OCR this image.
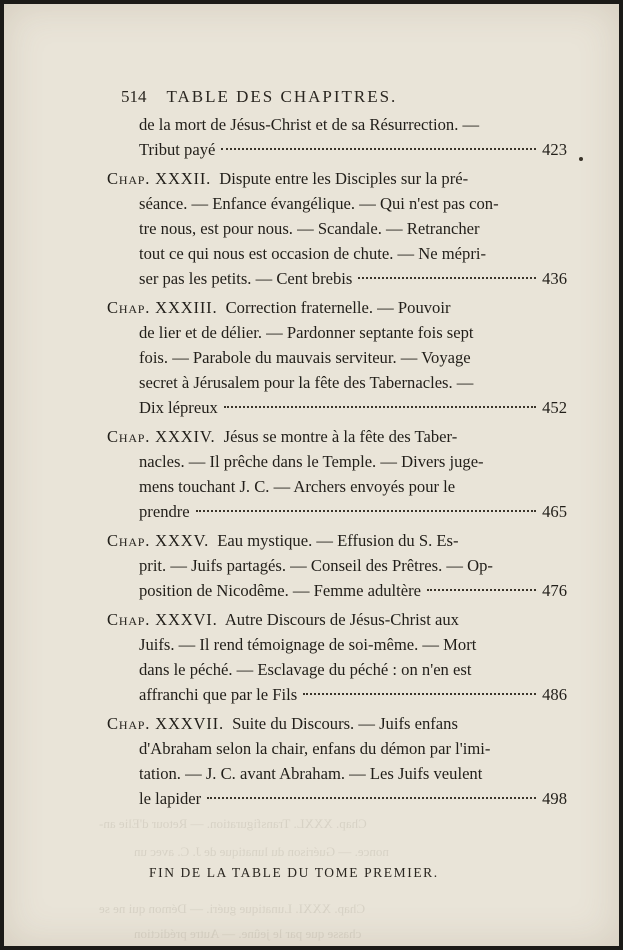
Chap. XXXL. Transfiguration. — Retour d'Elie an-
nonce. — Guérison du lunatique de J. C. avec un
Chap. XXXI. Lunatique guéri. — Démon qui ne se
chasse que par le jeûne. — Autre prédiction
514 TABLE DES CHAPITRES.
de la mort de Jésus-Christ et de sa Résurrection. —
Tribut payé	423
Chap. XXXII. Dispute entre les Disciples sur la pré-
séance. — Enfance évangélique. — Qui n'est pas con-
tre nous, est pour nous. — Scandale. — Retrancher
tout ce qui nous est occasion de chute. — Ne mépri-
ser pas les petits. — Cent brebis	436
Chap. XXXIII. Correction fraternelle. — Pouvoir
de lier et de délier. — Pardonner septante fois sept
fois. — Parabole du mauvais serviteur. — Voyage
secret à Jérusalem pour la fête des Tabernacles. —
Dix lépreux	452
Chap. XXXIV. Jésus se montre à la fête des Taber-
nacles. — Il prêche dans le Temple. — Divers juge-
mens touchant J. C. — Archers envoyés pour le
prendre	465
Chap. XXXV. Eau mystique. — Effusion du S. Es-
prit. — Juifs partagés. — Conseil des Prêtres. — Op-
position de Nicodême. — Femme adultère	476
Chap. XXXVI. Autre Discours de Jésus-Christ aux
Juifs. — Il rend témoignage de soi-même. — Mort
dans le péché. — Esclavage du péché : on n'en est
affranchi que par le Fils	486
Chap. XXXVII. Suite du Discours. — Juifs enfans
d'Abraham selon la chair, enfans du démon par l'imi-
tation. — J. C. avant Abraham. — Les Juifs veulent
le lapider	498
FIN DE LA TABLE DU TOME PREMIER.
